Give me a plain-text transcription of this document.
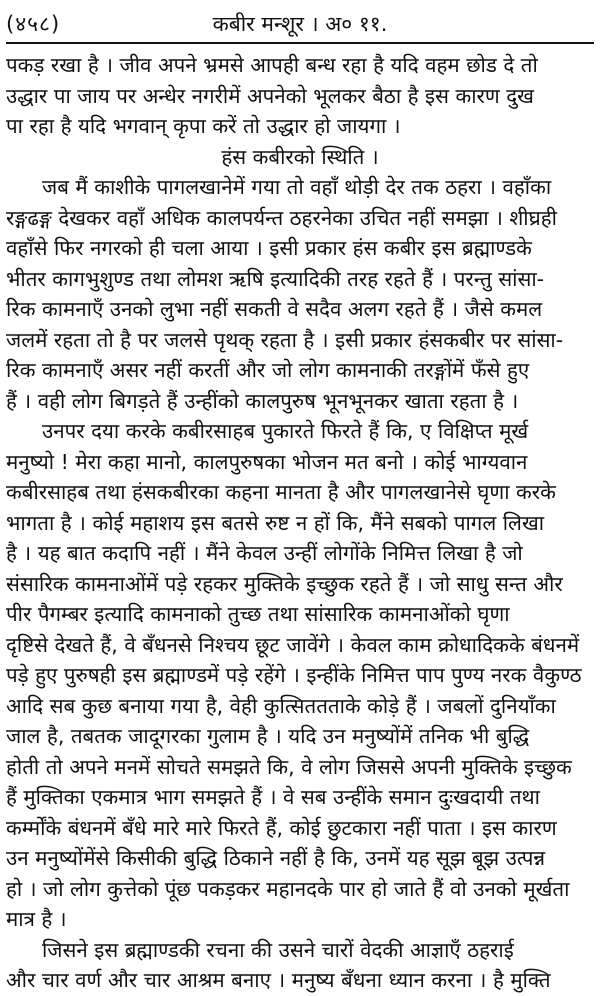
(४५८)	कबीर मन्शूर । अ० ११.
पकड़ रखा है । जीव अपने भ्रमसे आपही बन्ध रहा है यदि वहम छोड दे तो
उद्धार पा जाय पर अन्धेर नगरीमें अपनेको भूलकर बैठा है इस कारण दुख
पा रहा है यदि भगवान् कृपा करें तो उद्धार हो जायगा ।
हंस कबीरको स्थिति ।
जब मैं काशीके पागलखानेमें गया तो वहाँ थोड़ी देर तक ठहरा । वहाँका
रङ्गढङ्ग देखकर वहाँ अधिक कालपर्यन्त ठहरनेका उचित नहीं समझा । शीघ्रही
वहाँसे फिर नगरको ही चला आया । इसी प्रकार हंस कबीर इस ब्रह्माण्डके
भीतर कागभुशुण्ड तथा लोमश ऋषि इत्यादिकी तरह रहते हैं । परन्तु सांसा-
रिक कामनाएँ उनको लुभा नहीं सकती वे सदैव अलग रहते हैं । जैसे कमल
जलमें रहता तो है पर जलसे पृथक् रहता है । इसी प्रकार हंसकबीर पर सांसा-
रिक कामनाएँ असर नहीं करतीं और जो लोग कामनाकी तरङ्गोंमें फँसे हुए
हैं । वही लोग बिगड़ते हैं उन्हींको कालपुरुष भूनभूनकर खाता रहता है ।
उनपर दया करके कबीरसाहब पुकारते फिरते हैं कि, ए विक्षिप्त मूर्ख
मनुष्यो ! मेरा कहा मानो, कालपुरुषका भोजन मत बनो । कोई भाग्यवान
कबीरसाहब तथा हंसकबीरका कहना मानता है और पागलखानेसे घृणा करके
भागता है । कोई महाशय इस बतसे रुष्ट न हों कि, मैंने सबको पागल लिखा
है । यह बात कदापि नहीं । मैंने केवल उन्हीं लोगोंके निमित्त लिखा है जो
संसारिक कामनाओंमें पड़े रहकर मुक्तिके इच्छुक रहते हैं । जो साधु सन्त और
पीर पैगम्बर इत्यादि कामनाको तुच्छ तथा सांसारिक कामनाओंको घृणा
दृष्टिसे देखते हैं, वे बँधनसे निश्चय छूट जावेंगे । केवल काम क्रोधादिकके बंधनमें
पड़े हुए पुरुषही इस ब्रह्माण्डमें पड़े रहेंगे । इन्हींके निमित्त पाप पुण्य नरक वैकुण्ठ
आदि सब कुछ बनाया गया है, वेही कुत्सिततताके कोड़े हैं । जबलों दुनियाँका
जाल है, तबतक जादूगरका गुलाम है । यदि उन मनुष्योंमें तनिक भी बुद्धि
होती तो अपने मनमें सोचते समझते कि, वे लोग जिससे अपनी मुक्तिके इच्छुक
हैं मुक्तिका एकमात्र भाग समझते हैं । वे सब उन्हींके समान दुःखदायी तथा
कर्म्मोंके बंधनमें बँधे मारे मारे फिरते हैं, कोई छुटकारा नहीं पाता । इस कारण
उन मनुष्योंमेंसे किसीकी बुद्धि ठिकाने नहीं है कि, उनमें यह सूझ बूझ उत्पन्न
हो । जो लोग कुत्तेको पूंछ पकड़कर महानदके पार हो जाते हैं वो उनको मूर्खता
मात्र है ।
जिसने इस ब्रह्माण्डकी रचना की उसने चारों वेदकी आज्ञाएँ ठहराई
और चार वर्ण और चार आश्रम बनाए । मनुष्य बँधना ध्यान करना । है मुक्ति
